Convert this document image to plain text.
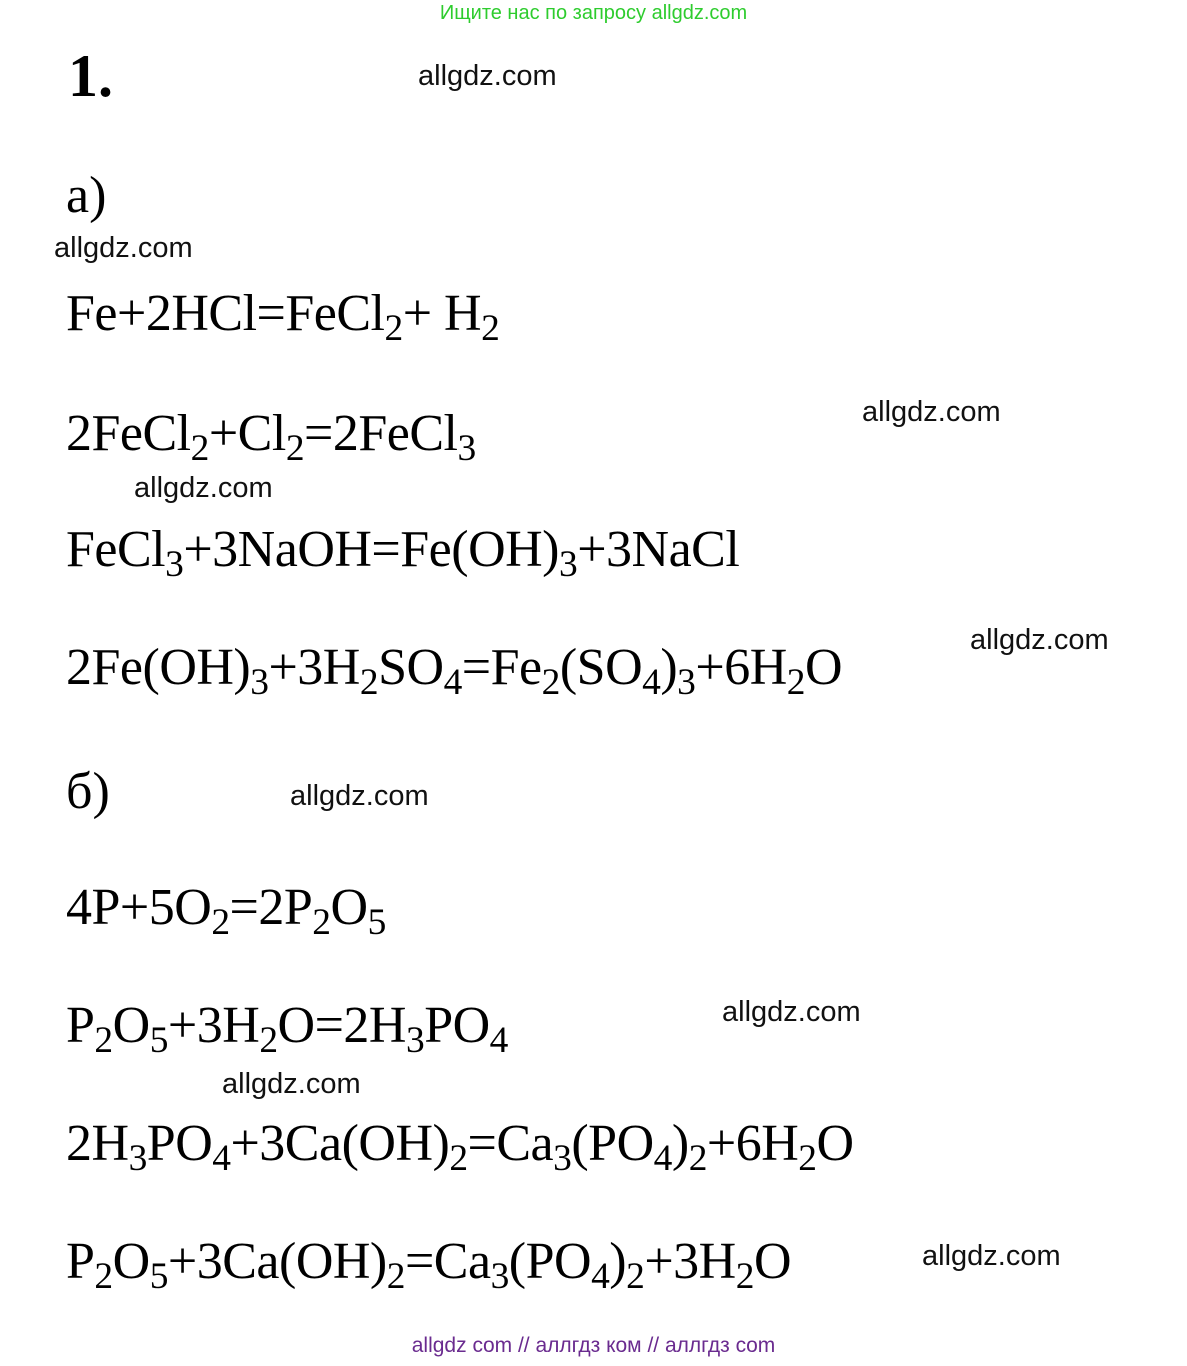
Ищите нас по запросу allgdz.com
1.	allgdz.com
allgdz.com
allgdz.com
allgdz.com
allgdz.com
allgdz.com
allgdz.com
allgdz.com
allgdz.com
а)
Fe+2HCl=FeCl$_2$+ $H_2$
$2FeCl_2+Cl_2=2FeCl_3$
$FeCl_3+3NaOH=Fe(OH)_3+3NaCl$
$2Fe(OH)_3+3H_2SO_4=Fe_2(SO_4)_3+6H_2O$
б)
$4P+5O_2=2P_2O_5$
$P_2O_5+3H_2O=2H_3PO_4$
$2H_3PO_4+3Ca(OH)_2=Ca_3(PO_4)_2+6H_2O$
$P_2O_5+3Ca(OH)_2=Ca_3(PO_4)_2+3H_2O$
allgdz com // аллгдз ком // аллгдз com
